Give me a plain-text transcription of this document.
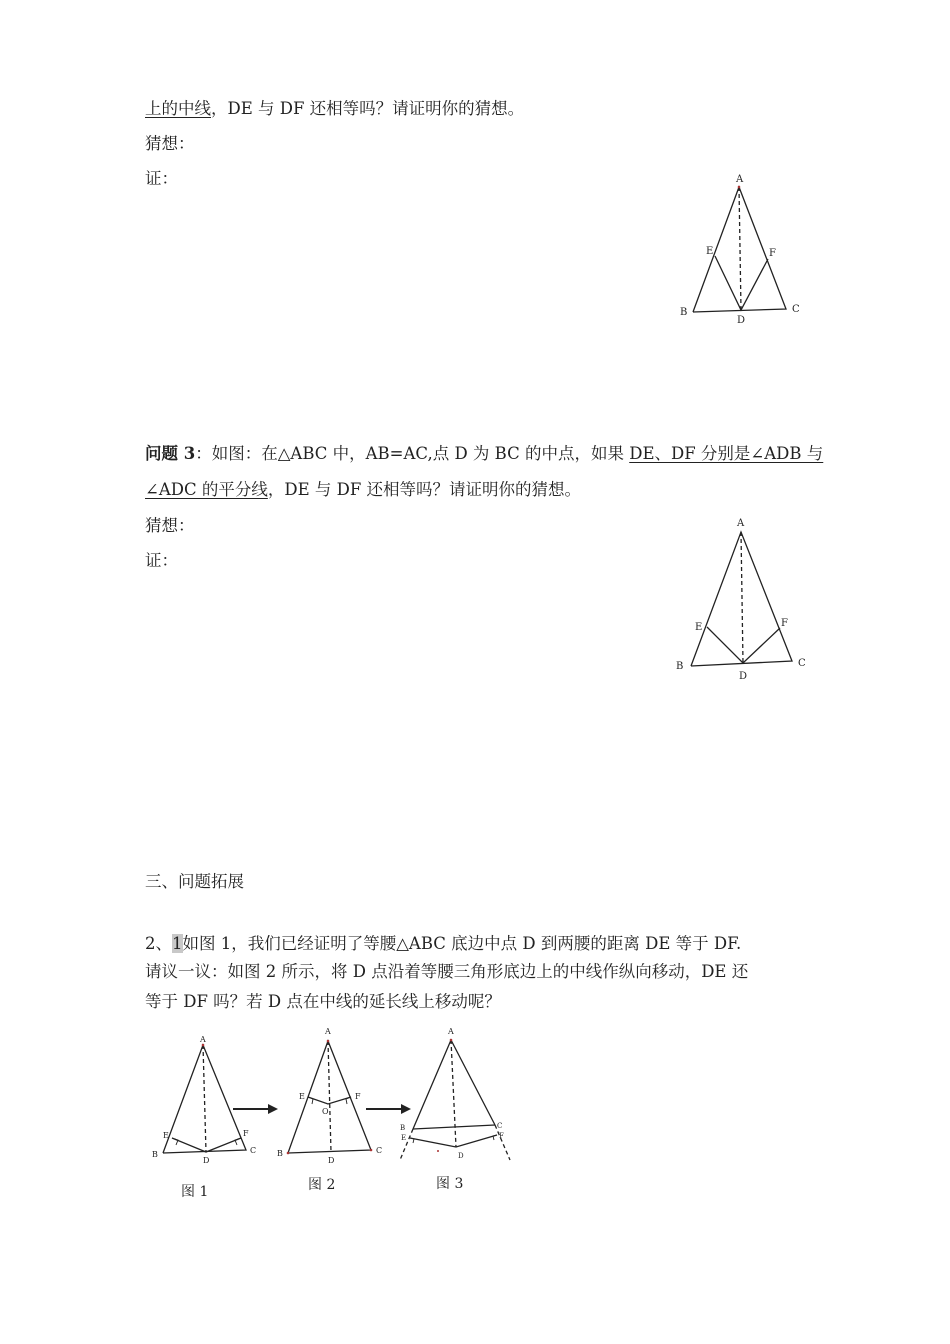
上的中线，DE 与 DF 还相等吗？请证明你的猜想。
猜想：
证：
问题 3：如图：在△ABC 中，AB=AC,点 D 为 BC 的中点，如果 DE、DF 分别是∠ADB 与
∠ADC 的平分线，DE 与 DF 还相等吗？请证明你的猜想。
猜想：
证：
三、问题拓展
2、1如图 1，我们已经证明了等腰△ABC 底边中点 D 到两腰的距离 DE 等于 DF.
请议一议：如图 2 所示，将 D 点沿着等腰三角形底边上的中线作纵向移动，DE 还
等于 DF 吗？若 D 点在中线的延长线上移动呢？
A
B	C
D
E	F
A
B	C
D
E	F
A
B	C
D
E	F
A
B	C
D
E	F
O
A
B	C
D
E	F
图 1	图 2	图 3
